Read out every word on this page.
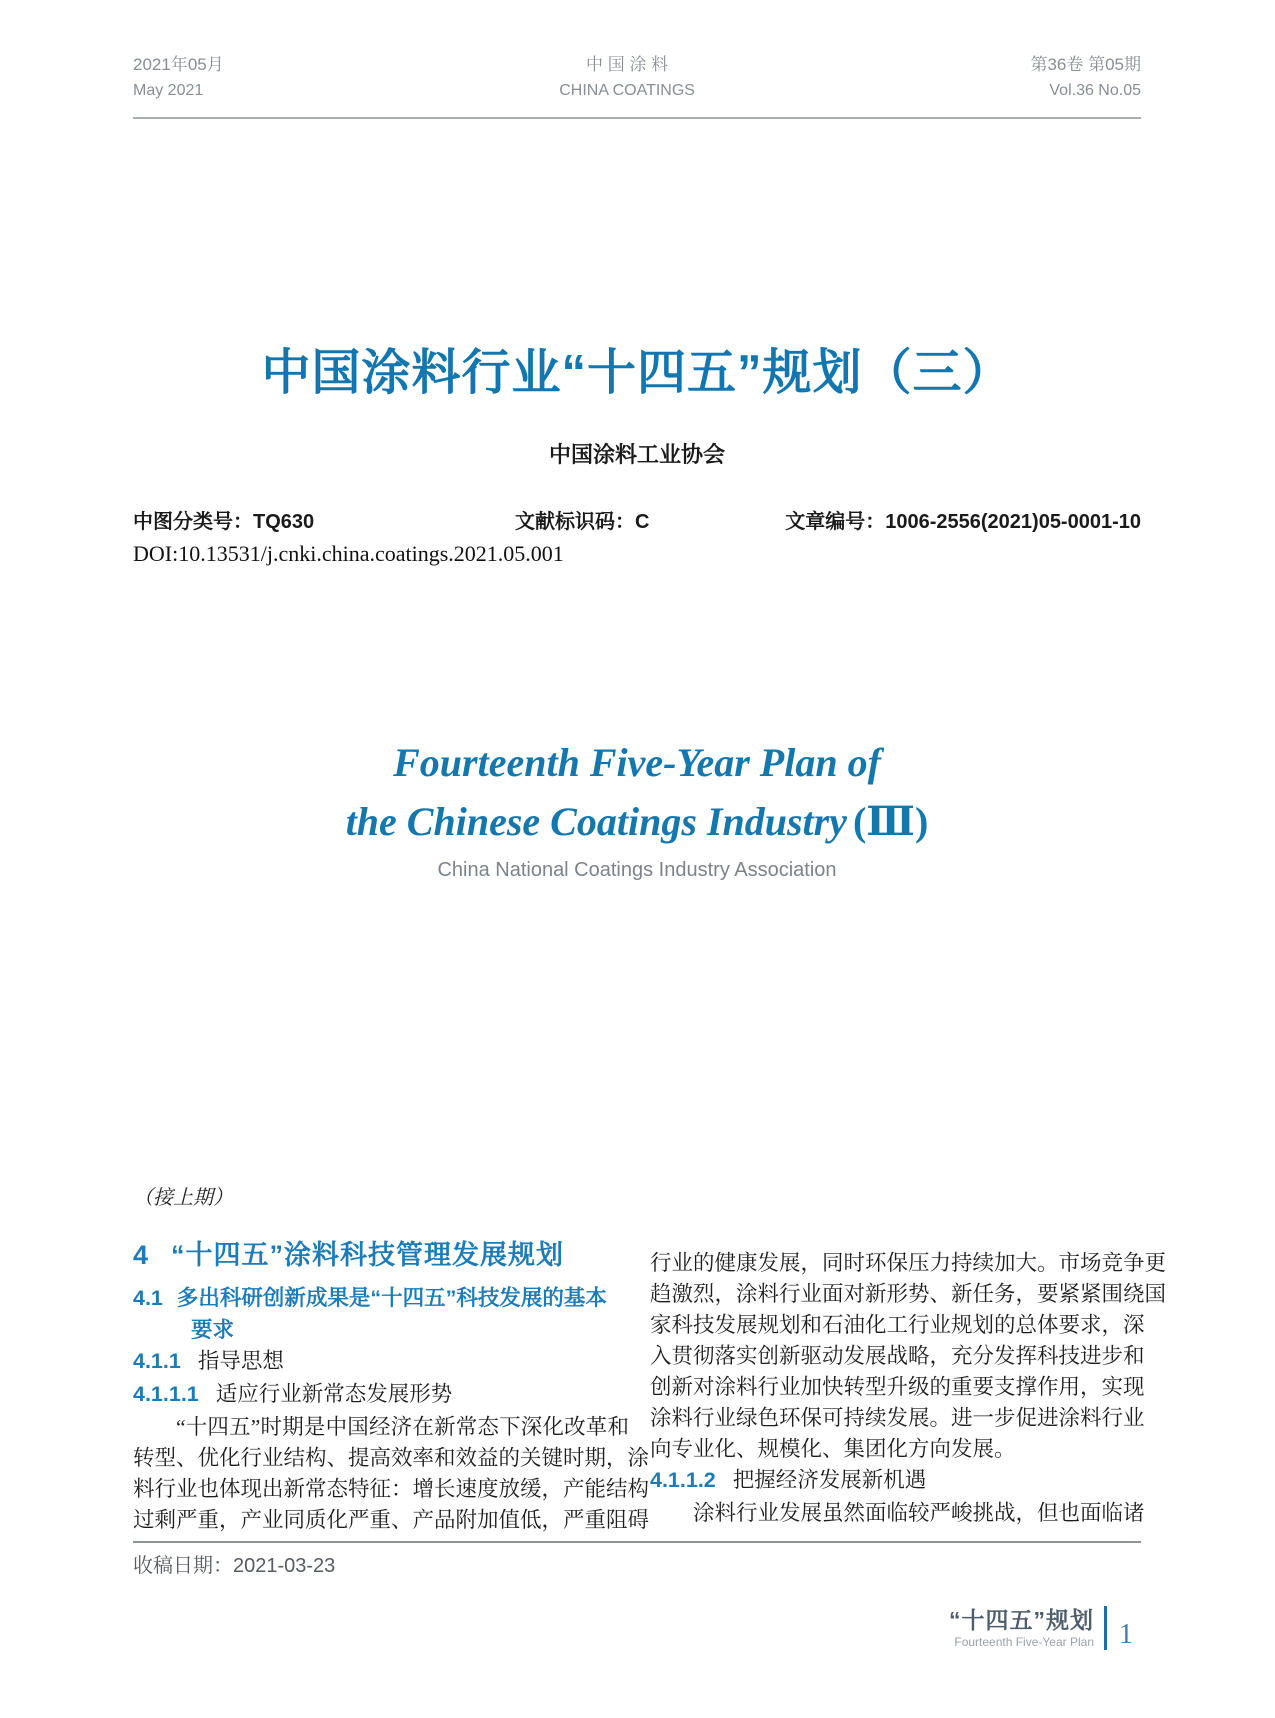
2021年05月
May 2021
中 国 涂 料
CHINA COATINGS
第36卷 第05期
Vol.36 No.05
中国涂料行业“十四五”规划（三）
中国涂料工业协会
中图分类号：TQ630	文献标识码：C	文章编号：1006-2556(2021)05-0001-10
DOI:10.13531/j.cnki.china.coatings.2021.05.001
Fourteenth Five-Year Plan of
the Chinese Coatings Industry (Ⅲ)
China National Coatings Industry Association
（接上期）
4 “十四五”涂料科技管理发展规划
4.1 多出科研创新成果是“十四五”科技发展的基本
要求
4.1.1 指导思想
4.1.1.1 适应行业新常态发展形势
“十四五”时期是中国经济在新常态下深化改革和
转型、优化行业结构、提高效率和效益的关键时期，涂
料行业也体现出新常态特征：增长速度放缓，产能结构
过剩严重，产业同质化严重、产品附加值低，严重阻碍
行业的健康发展，同时环保压力持续加大。市场竞争更
趋激烈，涂料行业面对新形势、新任务，要紧紧围绕国
家科技发展规划和石油化工行业规划的总体要求，深
入贯彻落实创新驱动发展战略，充分发挥科技进步和
创新对涂料行业加快转型升级的重要支撑作用，实现
涂料行业绿色环保可持续发展。进一步促进涂料行业
向专业化、规模化、集团化方向发展。
4.1.1.2 把握经济发展新机遇
涂料行业发展虽然面临较严峻挑战，但也面临诸
收稿日期：2021-03-23
“十四五”规划
Fourteenth Five-Year Plan 1
